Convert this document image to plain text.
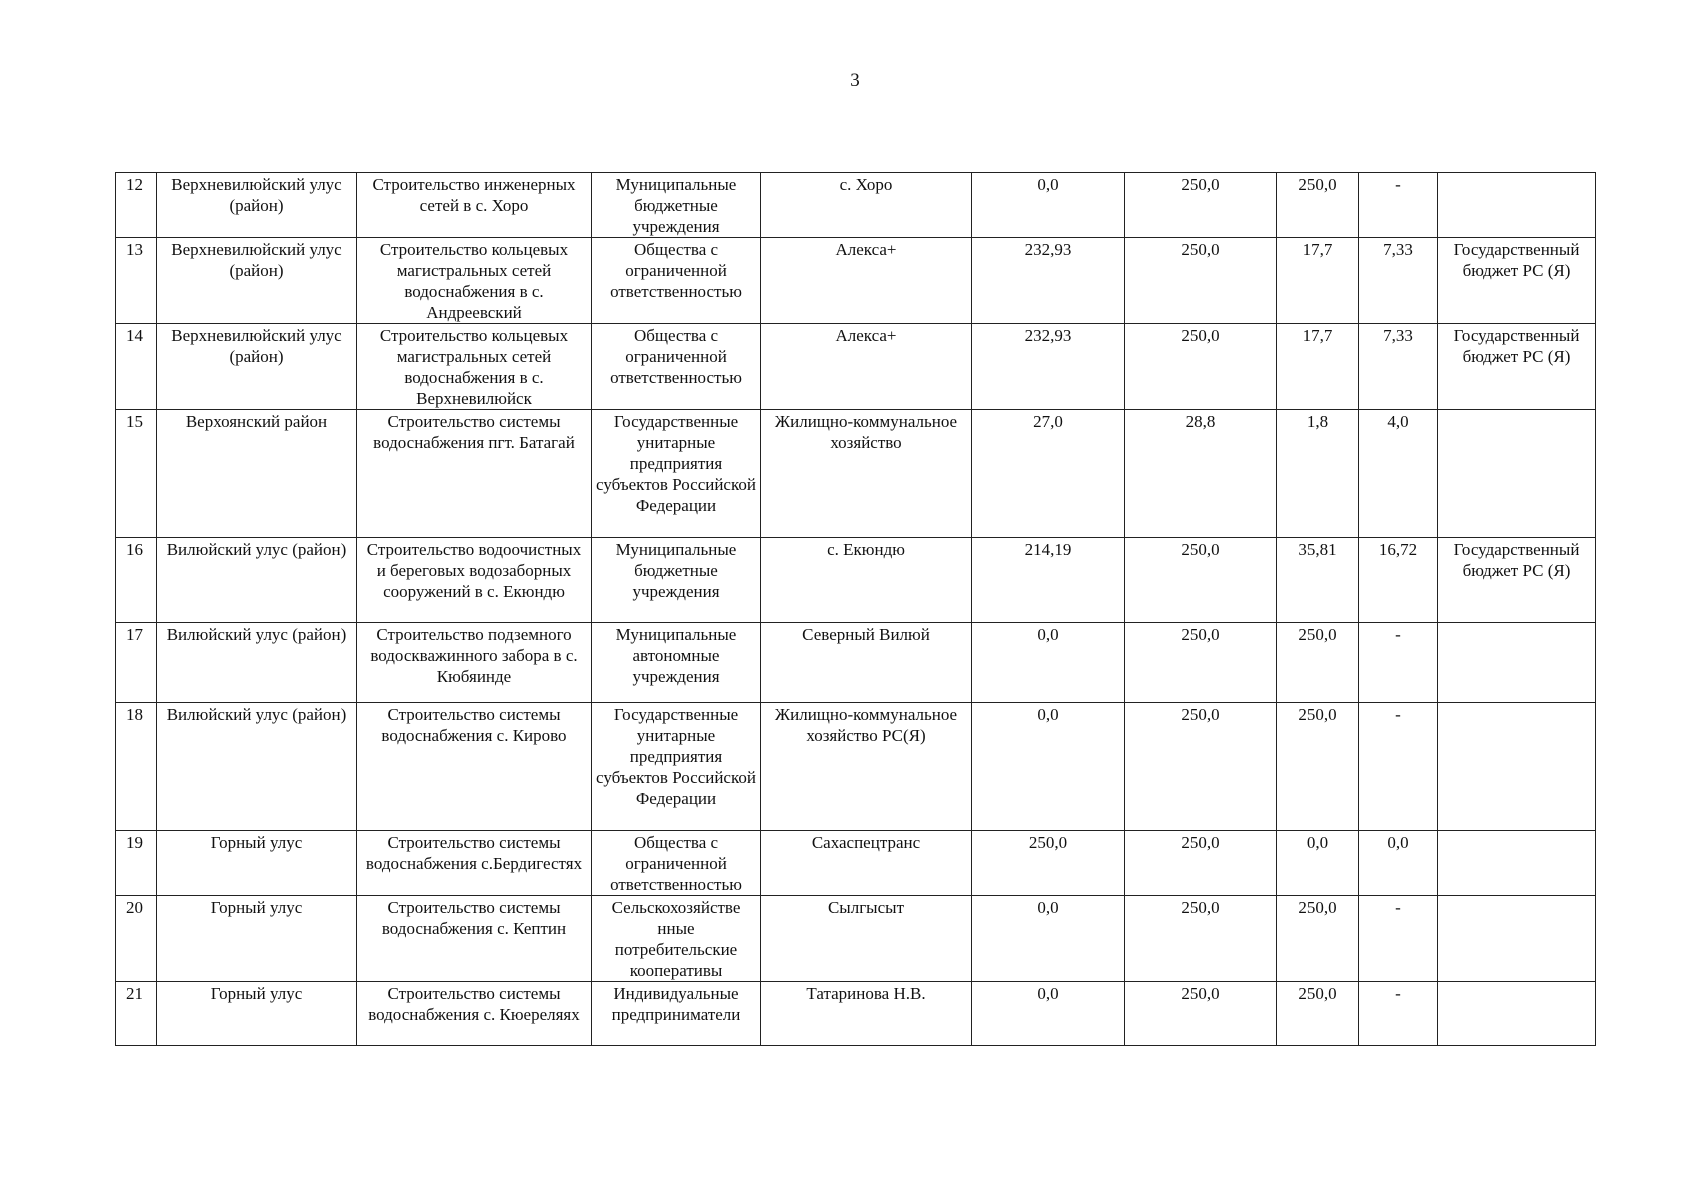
3
12	Верхневилюйский улус (район)	Строительство инженерных сетей в с. Хоро	Муниципальные бюджетные учреждения	с. Хоро	0,0	250,0	250,0	-	
13	Верхневилюйский улус (район)	Строительство кольцевых магистральных сетей водоснабжения в с. Андреевский	Общества с ограниченной ответственностью	Алекса+	232,93	250,0	17,7	7,33	Государственный бюджет РС (Я)
14	Верхневилюйский улус (район)	Строительство кольцевых магистральных сетей водоснабжения в с. Верхневилюйск	Общества с ограниченной ответственностью	Алекса+	232,93	250,0	17,7	7,33	Государственный бюджет РС (Я)
15	Верхоянский район	Строительство системы водоснабжения пгт. Батагай	Государственные унитарные предприятия субъектов Российской Федерации	Жилищно-коммунальное хозяйство	27,0	28,8	1,8	4,0	
16	Вилюйский улус (район)	Строительство водоочистных и береговых водозаборных сооружений в с. Екюндю	Муниципальные бюджетные учреждения	с. Екюндю	214,19	250,0	35,81	16,72	Государственный бюджет РС (Я)
17	Вилюйский улус (район)	Строительство подземного водоскважинного забора в с. Кюбяинде	Муниципальные автономные учреждения	Северный Вилюй	0,0	250,0	250,0	-	
18	Вилюйский улус (район)	Строительство системы водоснабжения с. Кирово	Государственные унитарные предприятия субъектов Российской Федерации	Жилищно-коммунальное хозяйство РС(Я)	0,0	250,0	250,0	-	
19	Горный улус	Строительство системы водоснабжения с.Бердигестях	Общества с ограниченной ответственностью	Сахаспецтранс	250,0	250,0	0,0	0,0	
20	Горный улус	Строительство системы водоснабжения с. Кептин	Сельскохозяйстве нные потребительские кооперативы	Сылгысыт	0,0	250,0	250,0	-	
21	Горный улус	Строительство системы водоснабжения с. Кюереляях	Индивидуальные предприниматели	Татаринова Н.В.	0,0	250,0	250,0	-	
